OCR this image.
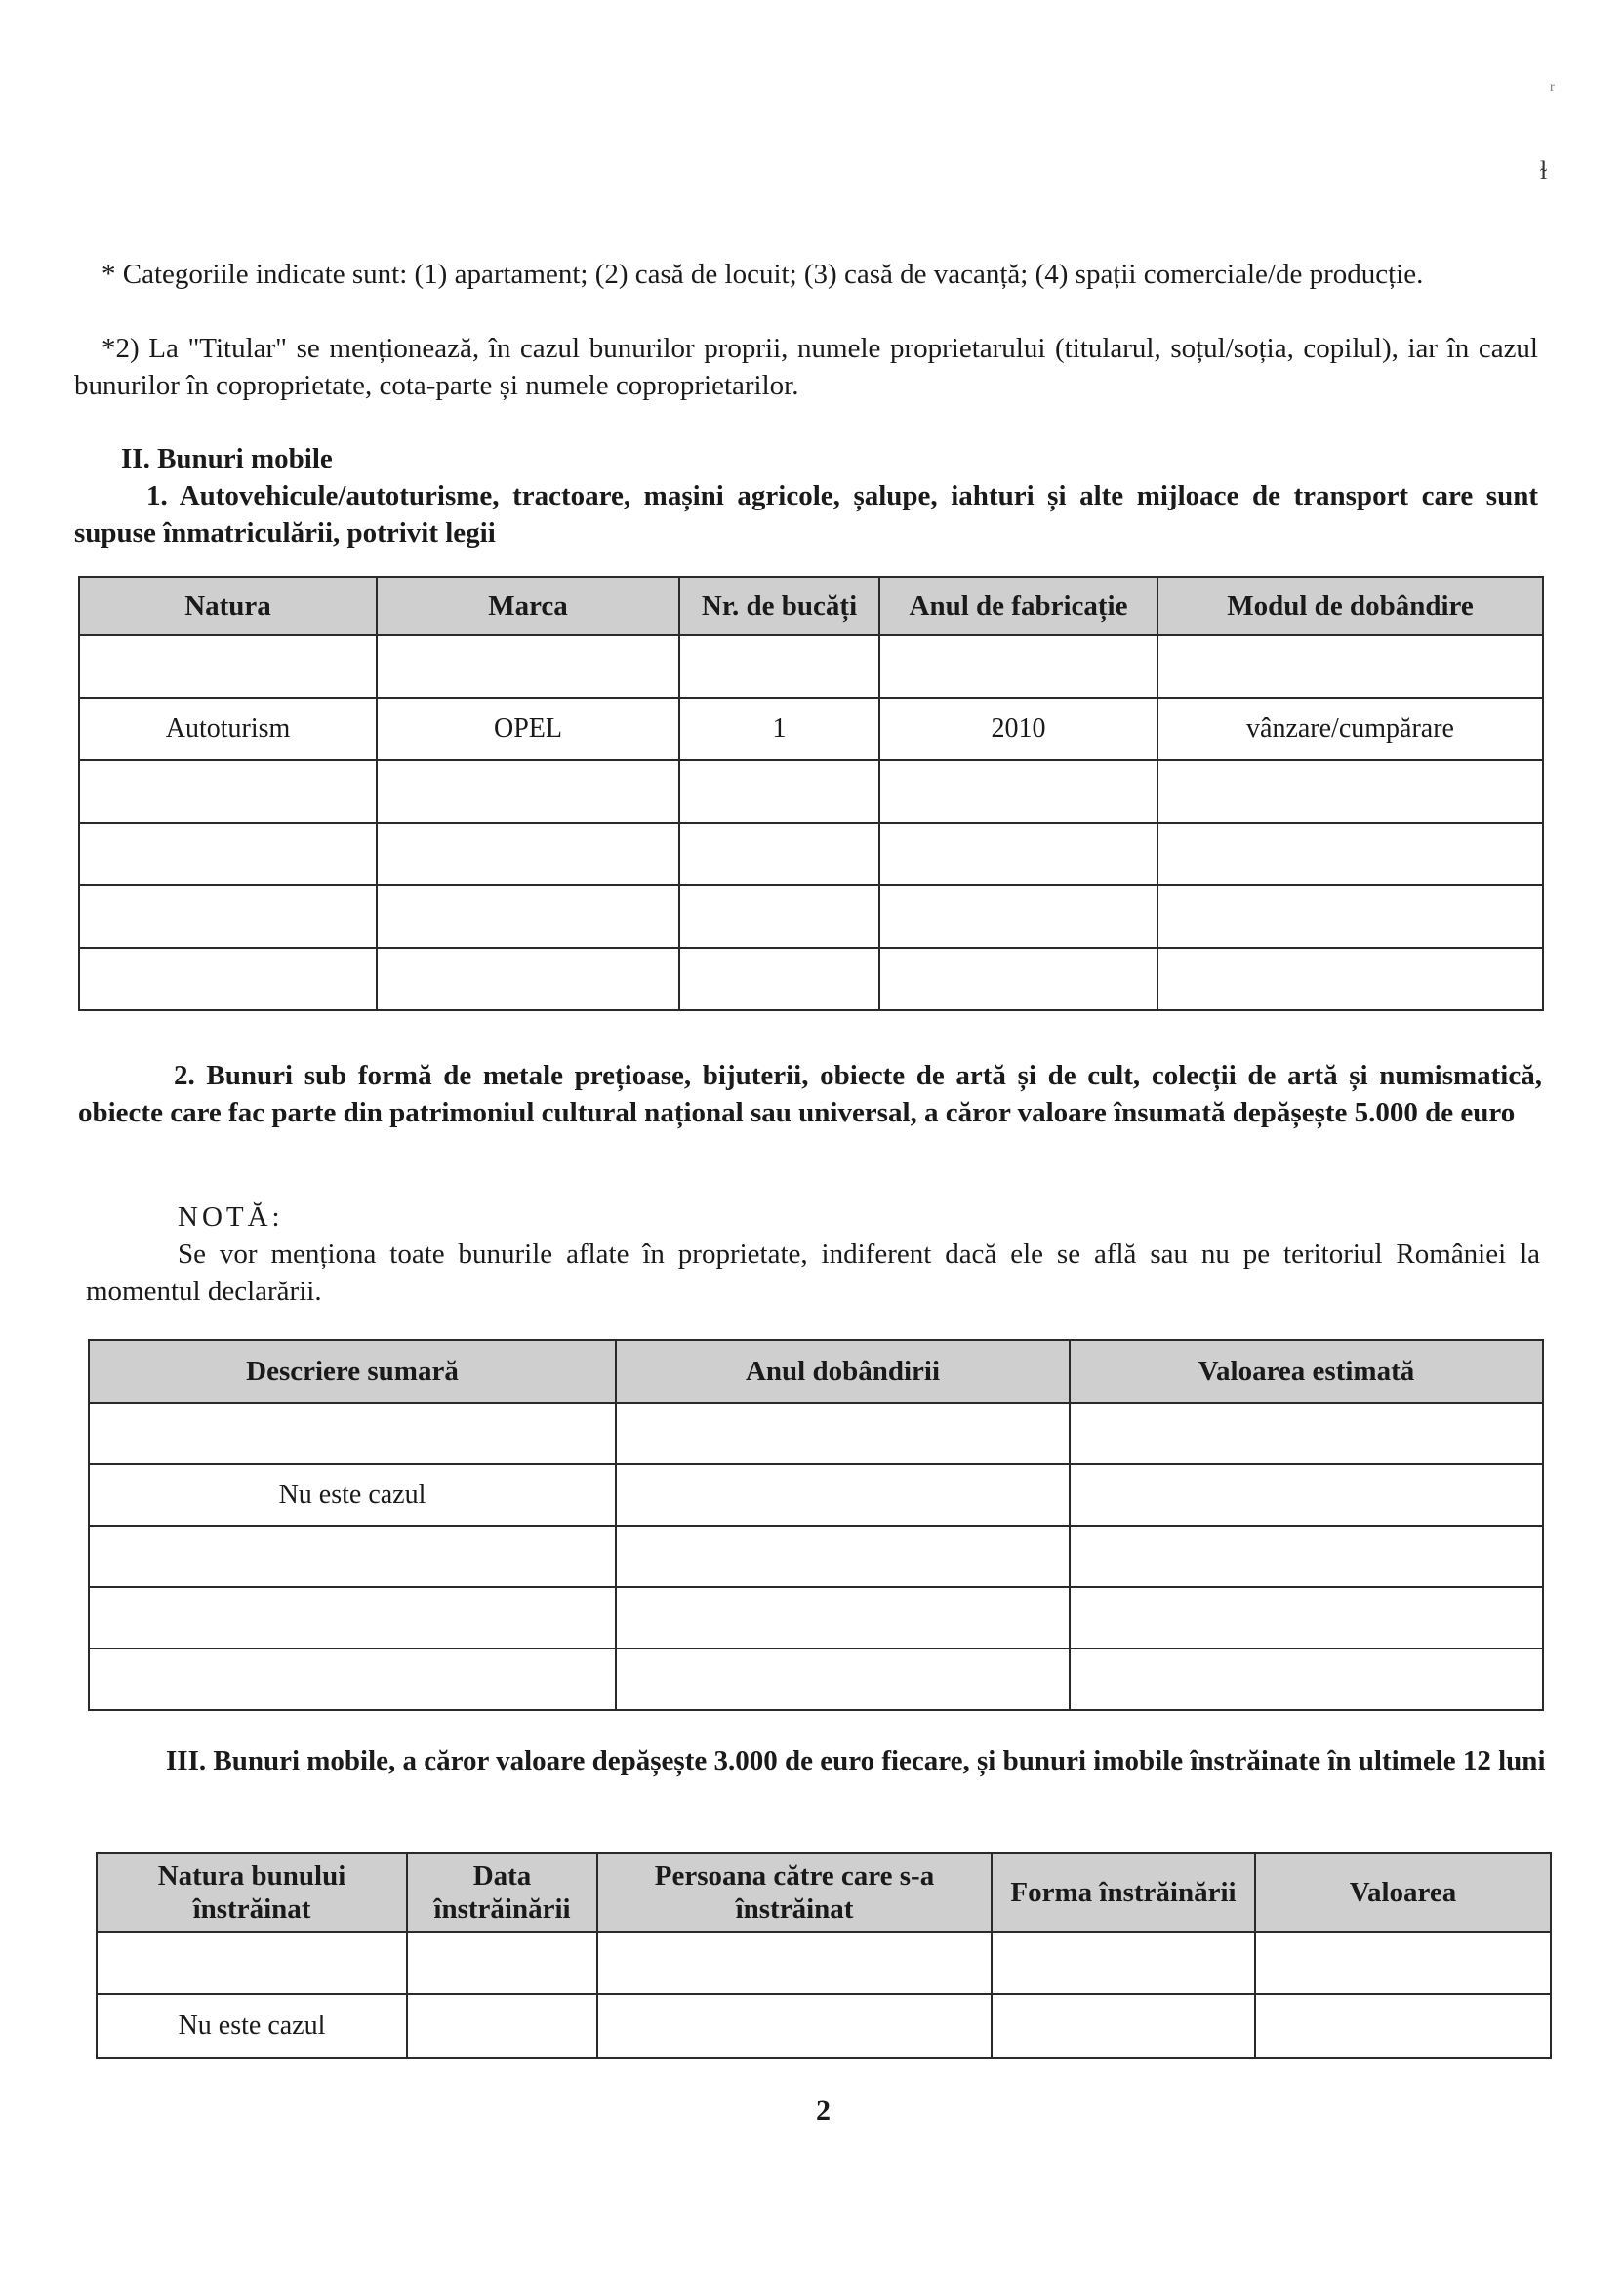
r
ɫ
* Categoriile indicate sunt: (1) apartament; (2) casă de locuit; (3) casă de vacanță; (4) spații comerciale/de producție.
*2) La "Titular" se menționează, în cazul bunurilor proprii, numele proprietarului (titularul, soțul/soția, copilul), iar în cazul bunurilor în coproprietate, cota-parte și numele coproprietarilor.
II. Bunuri mobile
1. Autovehicule/autoturisme, tractoare, mașini agricole, șalupe, iahturi și alte mijloace de transport care sunt supuse înmatriculării, potrivit legii
Natura	Marca	Nr. de bucăți	Anul de fabricație	Modul de dobândire

Autoturism	OPEL	1	2010	vânzare/cumpărare

2. Bunuri sub formă de metale prețioase, bijuterii, obiecte de artă și de cult, colecții de artă și numismatică, obiecte care fac parte din patrimoniul cultural național sau universal, a căror valoare însumată depășește 5.000 de euro
NOTĂ:
Se vor menționa toate bunurile aflate în proprietate, indiferent dacă ele se află sau nu pe teritoriul României la momentul declarării.
Descriere sumară	Anul dobândirii	Valoarea estimată

Nu este cazul		

III. Bunuri mobile, a căror valoare depășește 3.000 de euro fiecare, și bunuri imobile înstrăinate în ultimele 12 luni
Natura bunului înstrăinat	Data înstrăinării	Persoana către care s-a înstrăinat	Forma înstrăinării	Valoarea

Nu este cazul				
2
